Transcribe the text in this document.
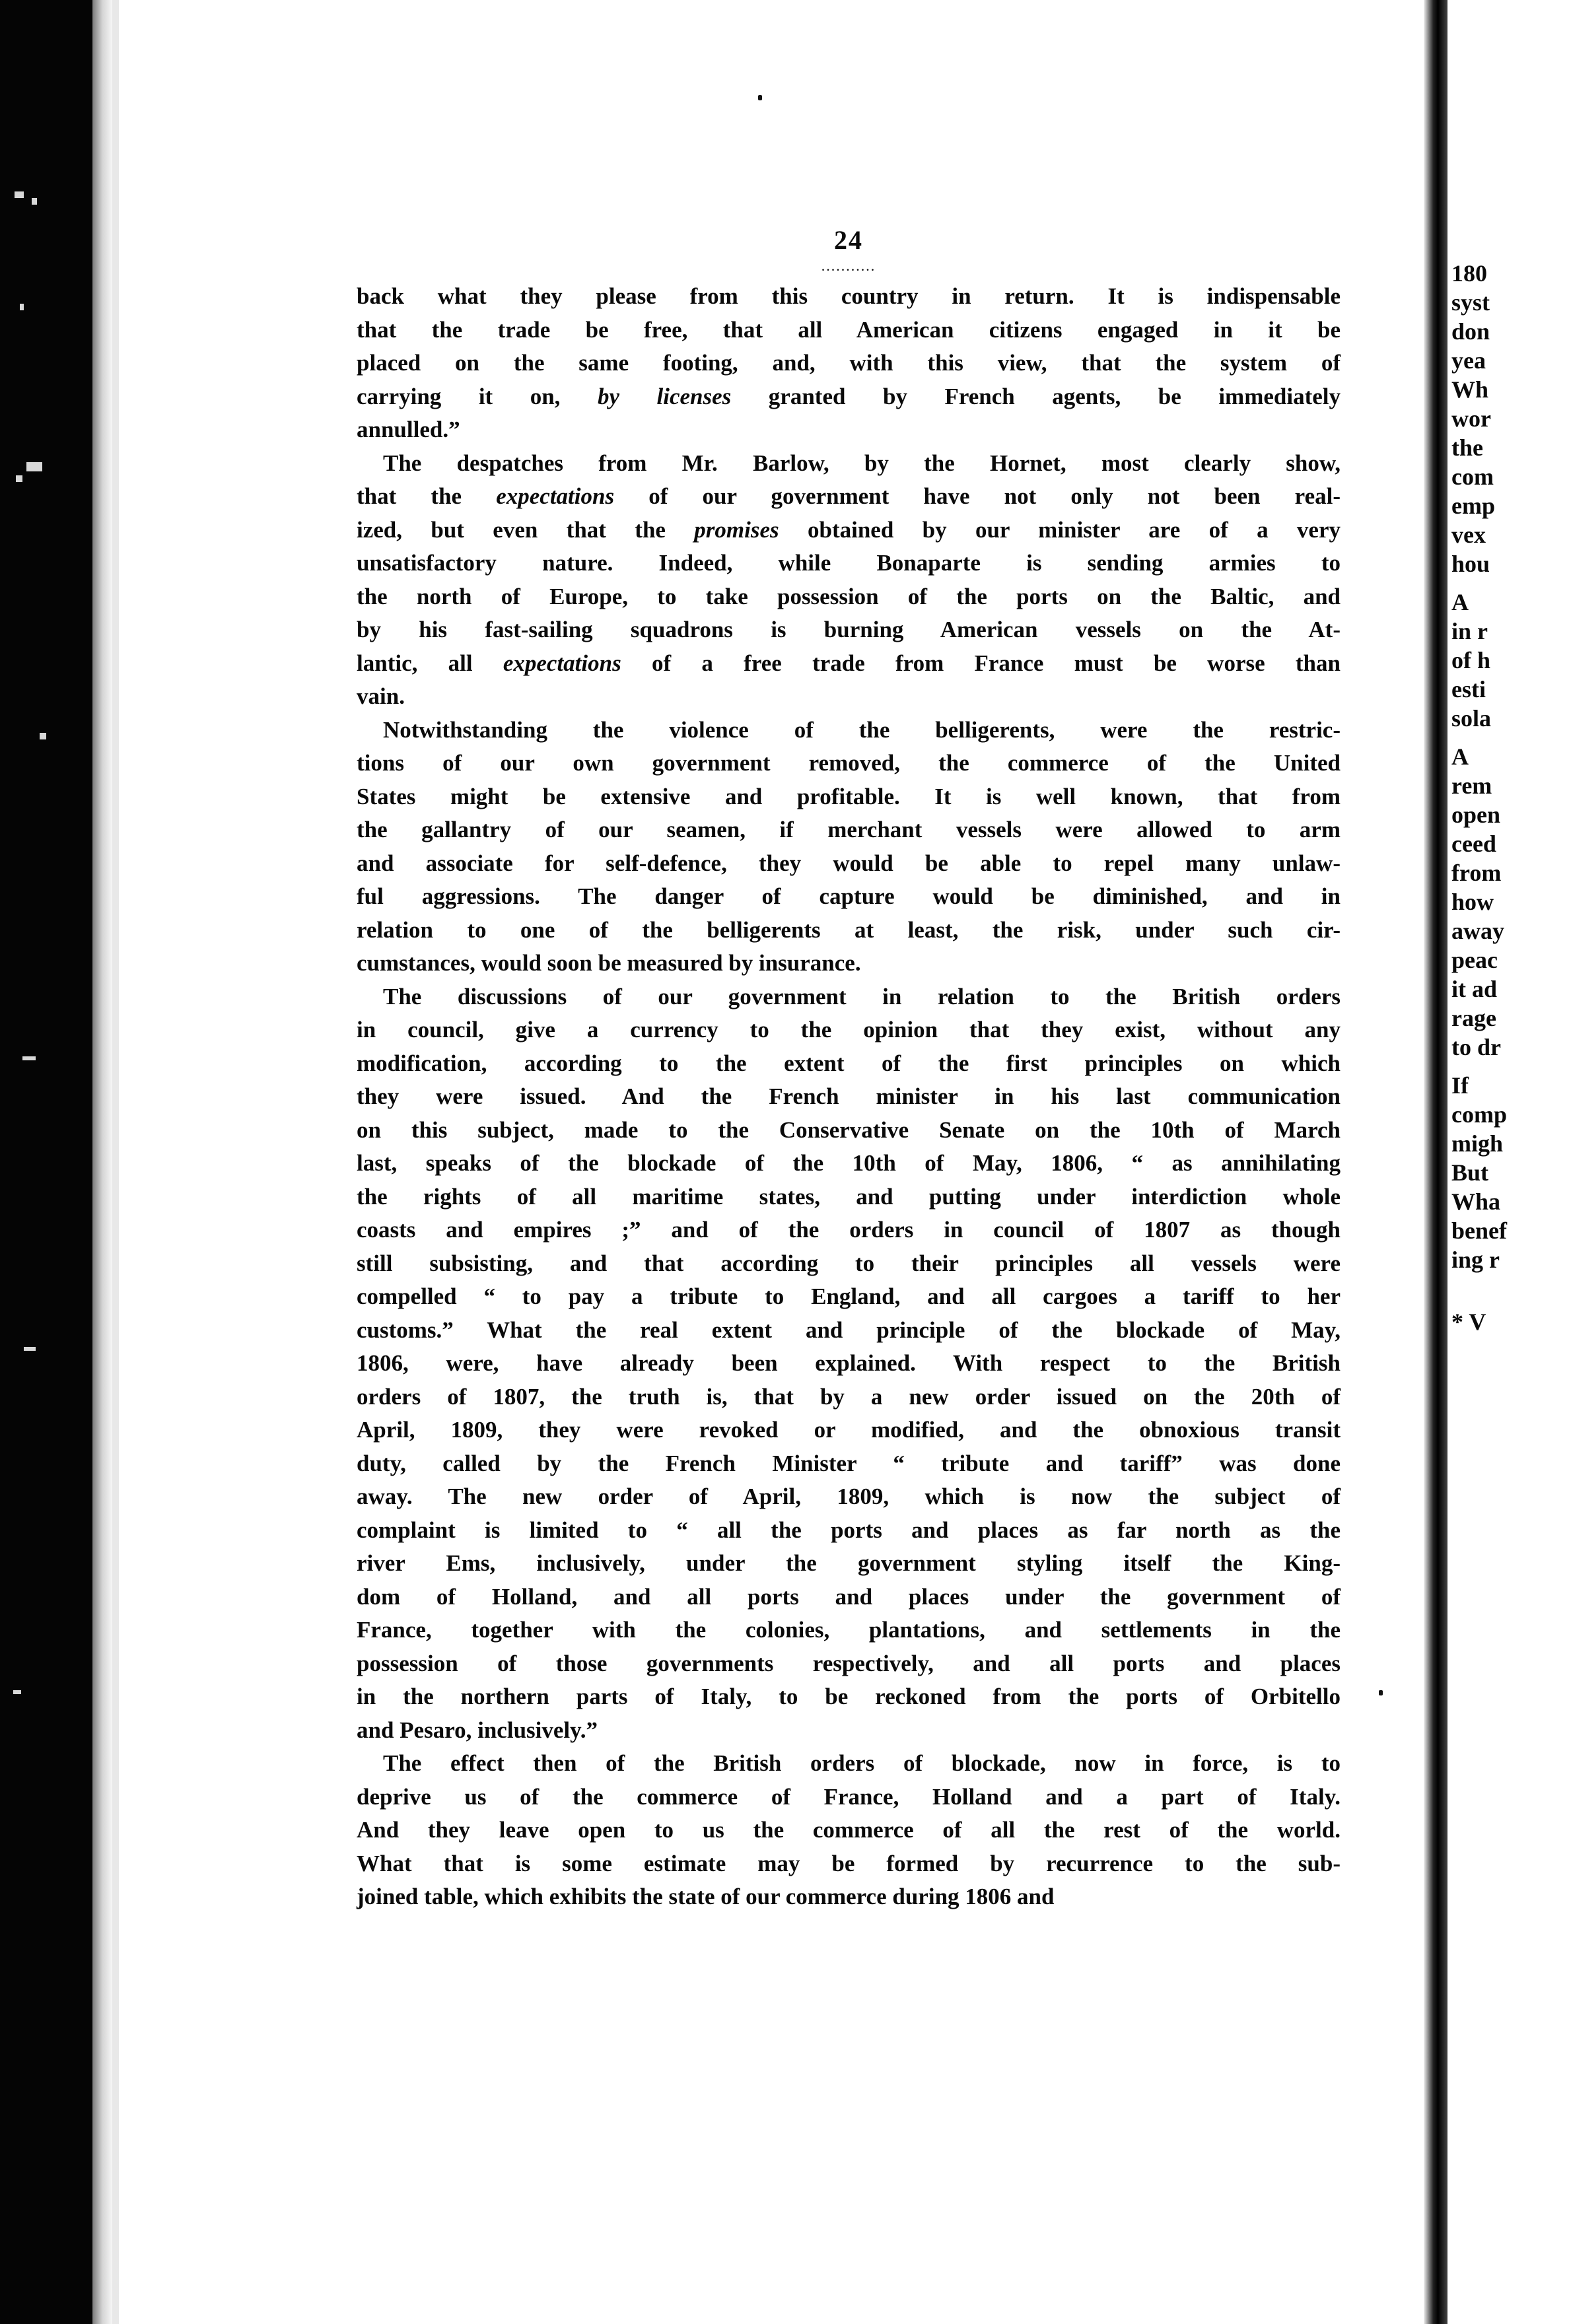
24

...........

back what they please from this country in return. It is indispensable
that the trade be free, that all American citizens engaged in it be
placed on the same footing, and, with this view, that the system of
carrying it on, by licenses granted by French agents, be immediately
annulled.”

The despatches from Mr. Barlow, by the Hornet, most clearly show,
that the expectations of our government have not only not been real-
ized, but even that the promises obtained by our minister are of a very
unsatisfactory nature. Indeed, while Bonaparte is sending armies to
the north of Europe, to take possession of the ports on the Baltic, and
by his fast-sailing squadrons is burning American vessels on the At-
lantic, all expectations of a free trade from France must be worse than
vain.

Notwithstanding the violence of the belligerents, were the restric-
tions of our own government removed, the commerce of the United
States might be extensive and profitable. It is well known, that from
the gallantry of our seamen, if merchant vessels were allowed to arm
and associate for self-defence, they would be able to repel many unlaw-
ful aggressions. The danger of capture would be diminished, and in
relation to one of the belligerents at least, the risk, under such cir-
cumstances, would soon be measured by insurance.

The discussions of our government in relation to the British orders
in council, give a currency to the opinion that they exist, without any
modification, according to the extent of the first principles on which
they were issued. And the French minister in his last communication
on this subject, made to the Conservative Senate on the 10th of March
last, speaks of the blockade of the 10th of May, 1806, “ as annihilating
the rights of all maritime states, and putting under interdiction whole
coasts and empires ;” and of the orders in council of 1807 as though
still subsisting, and that according to their principles all vessels were
compelled “ to pay a tribute to England, and all cargoes a tariff to her
customs.” What the real extent and principle of the blockade of May,
1806, were, have already been explained. With respect to the British
orders of 1807, the truth is, that by a new order issued on the 20th of
April, 1809, they were revoked or modified, and the obnoxious transit
duty, called by the French Minister “ tribute and tariff” was done
away. The new order of April, 1809, which is now the subject of
complaint is limited to “ all the ports and places as far north as the
river Ems, inclusively, under the government styling itself the King-
dom of Holland, and all ports and places under the government of
France, together with the colonies, plantations, and settlements in the
possession of those governments respectively, and all ports and places
in the northern parts of Italy, to be reckoned from the ports of Orbitello
and Pesaro, inclusively.”

The effect then of the British orders of blockade, now in force, is to
deprive us of the commerce of France, Holland and a part of Italy.
And they leave open to us the commerce of all the rest of the world.
What that is some estimate may be formed by recurrence to the sub-
joined table, which exhibits the state of our commerce during 1806 and

180

syst

don

yea

Wh

wor

the

com

emp

vex

hou

A

in r

of h

esti

sola

A

rem

open

ceed

from

how

away

peac

it ad

rage

to dr

If

comp

migh

But

Wha

benef

ing r

* V
